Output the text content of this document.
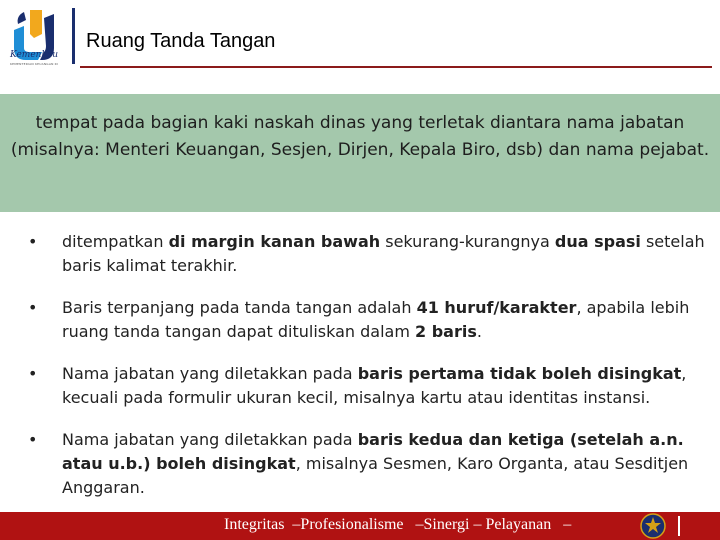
Kemenkeu
KEMENTERIAN KEUANGAN RI
Ruang Tanda Tangan

tempat pada bagian kaki naskah dinas yang terletak diantara nama jabatan (misalnya: Menteri Keuangan, Sesjen, Dirjen, Kepala Biro, dsb) dan nama pejabat.

• ditempatkan di margin kanan bawah sekurang-kurangnya dua spasi setelah baris kalimat terakhir.
• Baris terpanjang pada tanda tangan adalah 41 huruf/karakter, apabila lebih ruang tanda tangan dapat dituliskan dalam 2 baris.
• Nama jabatan yang diletakkan pada baris pertama tidak boleh disingkat, kecuali pada formulir ukuran kecil, misalnya kartu atau identitas instansi.
• Nama jabatan yang diletakkan pada baris kedua dan ketiga (setelah a.n. atau u.b.) boleh disingkat, misalnya Sesmen, Karo Organta, atau Sesditjen Anggaran.
Integritas  –Profesionalisme   –Sinergi – Pelayanan   –
